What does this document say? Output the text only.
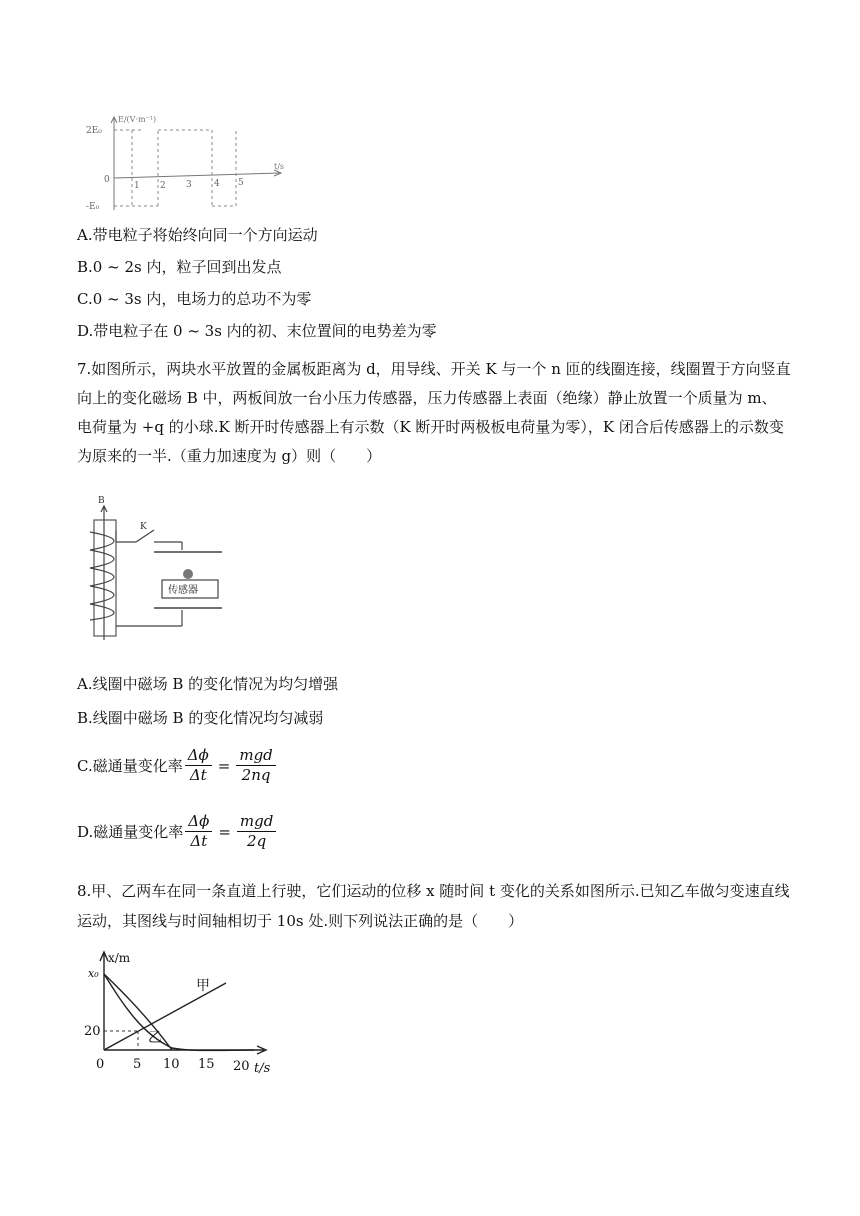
2E₀
0
-E₀
E/(V·m⁻¹)
1 2 3 4 5
t/s
A.带电粒子将始终向同一个方向运动
B.0 ~ 2s 内，粒子回到出发点
C.0 ~ 3s 内，电场力的总功不为零
D.带电粒子在 0 ~ 3s 内的初、末位置间的电势差为零
7.如图所示，两块水平放置的金属板距离为 d，用导线、开关 K 与一个 n 匝的线圈连接，线圈置于方向竖直
向上的变化磁场 B 中，两板间放一台小压力传感器，压力传感器上表面（绝缘）静止放置一个质量为 m、
电荷量为 +q 的小球.K 断开时传感器上有示数（K 断开时两极板电荷量为零），K 闭合后传感器上的示数变
为原来的一半.（重力加速度为 g）则（　　）
B
K
传感器
A.线圈中磁场 B 的变化情况为均匀增强
B.线圈中磁场 B 的变化情况均匀减弱
C.磁通量变化率 $\frac{\Delta\phi}{\Delta t} = \frac{\text{mgd}}{2nq}$
D.磁通量变化率 $\frac{\Delta\phi}{\Delta t} = \frac{\text{mgd}}{2q}$
8.甲、乙两车在同一条直道上行驶，它们运动的位移 x 随时间 t 变化的关系如图所示.已知乙车做匀变速直线
运动，其图线与时间轴相切于 10s 处.则下列说法正确的是（　　）
x/m
x₀
20
0 5 10 15 20 t/s
甲
乙
